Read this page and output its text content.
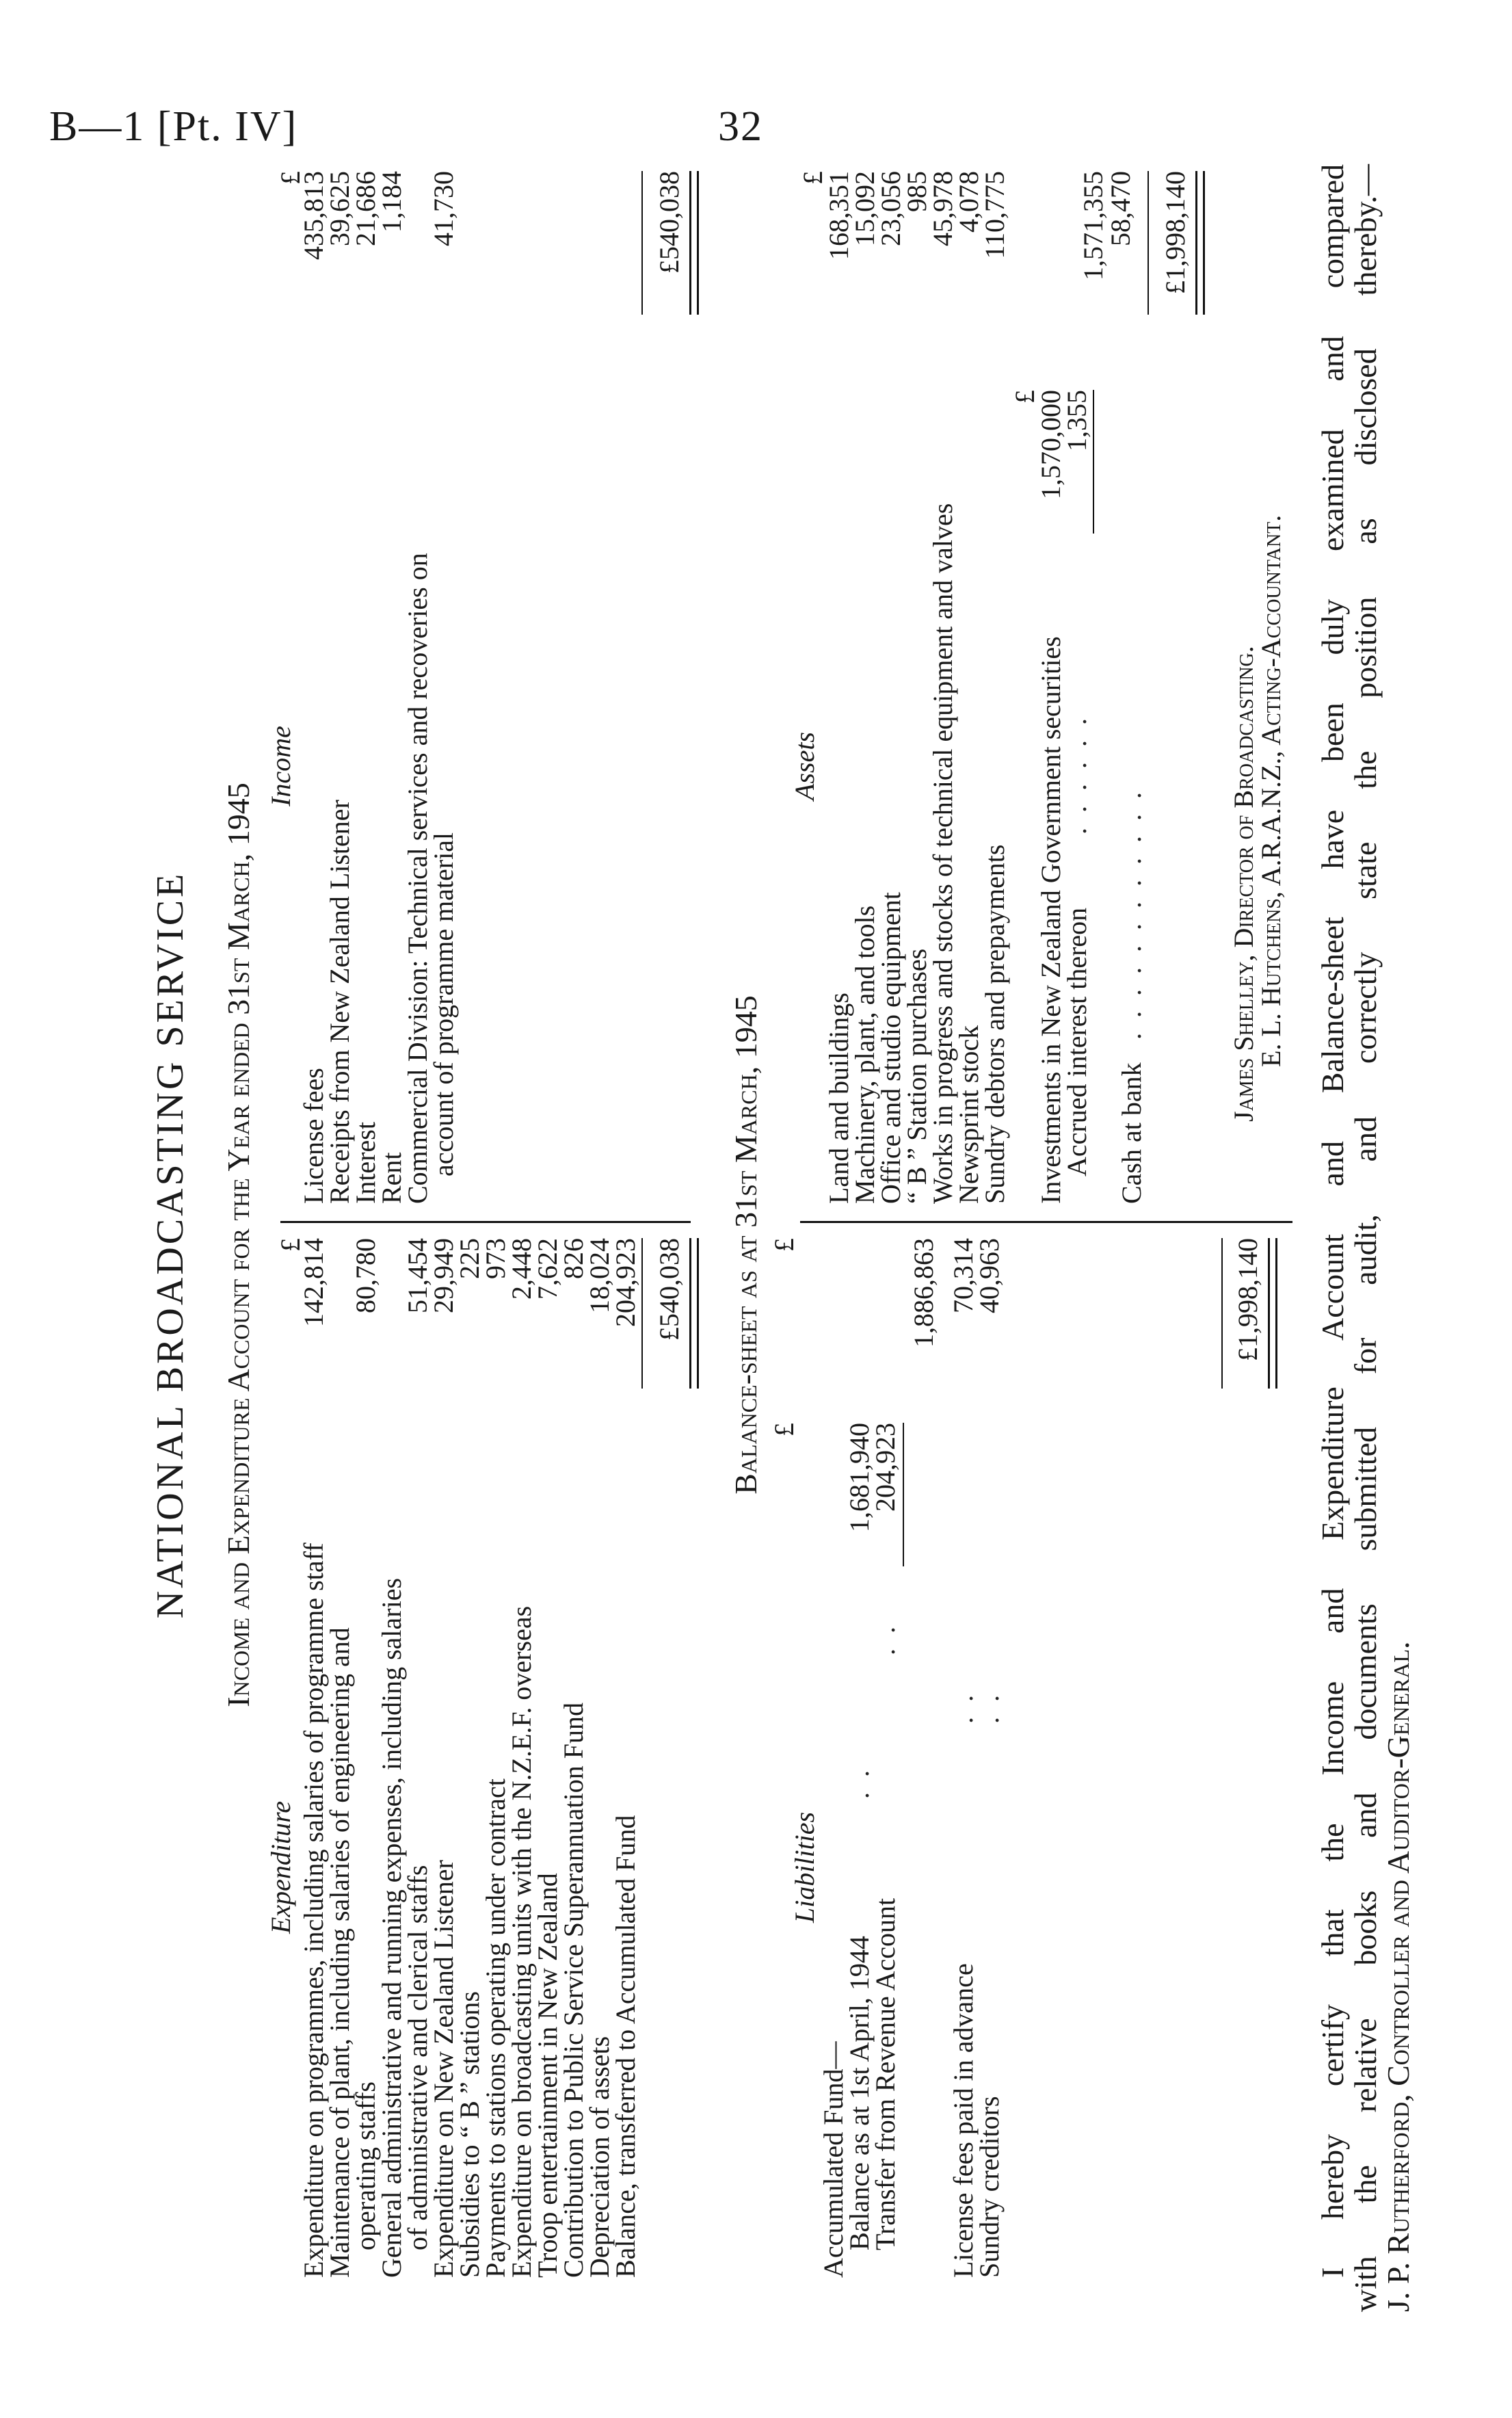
B—1 [Pt. IV]	32
NATIONAL BROADCASTING SERVICE Income and Expenditure Account for the Year ended 31st March, 1945
Expenditure
Income
£
£
Expenditure on programmes, including salaries of programme staff
142,814
Maintenance of plant, including salaries of engineering and
operating staffs
80,780
General administrative and running expenses, including salaries
of administrative and clerical staffs
51,454
Expenditure on New Zealand Listener
29,949
Subsidies to “ B ” stations
225
Payments to stations operating under contract
973
Expenditure on broadcasting units with the N.Z.E.F. overseas
2,448
Troop entertainment in New Zealand
7,622
Contribution to Public Service Superannuation Fund
826
Depreciation of assets
18,024
Balance, transferred to Accumulated Fund
204,923
License fees
435,813
Receipts from New Zealand Listener
39,625
Interest
21,686
Rent
1,184
Commercial Division: Technical services and recoveries on
account of programme material
41,730
£540,038
£540,038
Balance-sheet as at 31st March, 1945
Liabilities
Assets
£
£
£
Accumulated Fund—
Balance as at 1st April, 1944
. .
1,681,940
Transfer from Revenue Account
. .
204,923
1,886,863
License fees paid in advance
. .
70,314
Sundry creditors
. .
40,963	£1,998,140
Land and buildings
168,351
Machinery, plant, and tools
15,092
Office and studio equipment
23,056
“ B ” Station purchases
985
Works in progress and stocks of technical equipment and valves
45,978
Newsprint stock
4,078
Sundry debtors and prepayments
110,775
£
Investments in New Zealand Government securities
1,570,000
Accrued interest thereon
. . . . . .
1,355
1,571,355
Cash at bank
. . . . . . . . . . . .
58,470 £1,998,140
James Shelley, Director of Broadcasting.
E. L. Hutchens, A.R.A.N.Z., Acting-Accountant. I hereby certify that the Income and Expenditure Account and Balance-sheet have been duly examined and compared
with the relative books and documents submitted for audit, and correctly state the position as disclosed thereby.—
J. P. Rutherford, Controller and Auditor-General.
